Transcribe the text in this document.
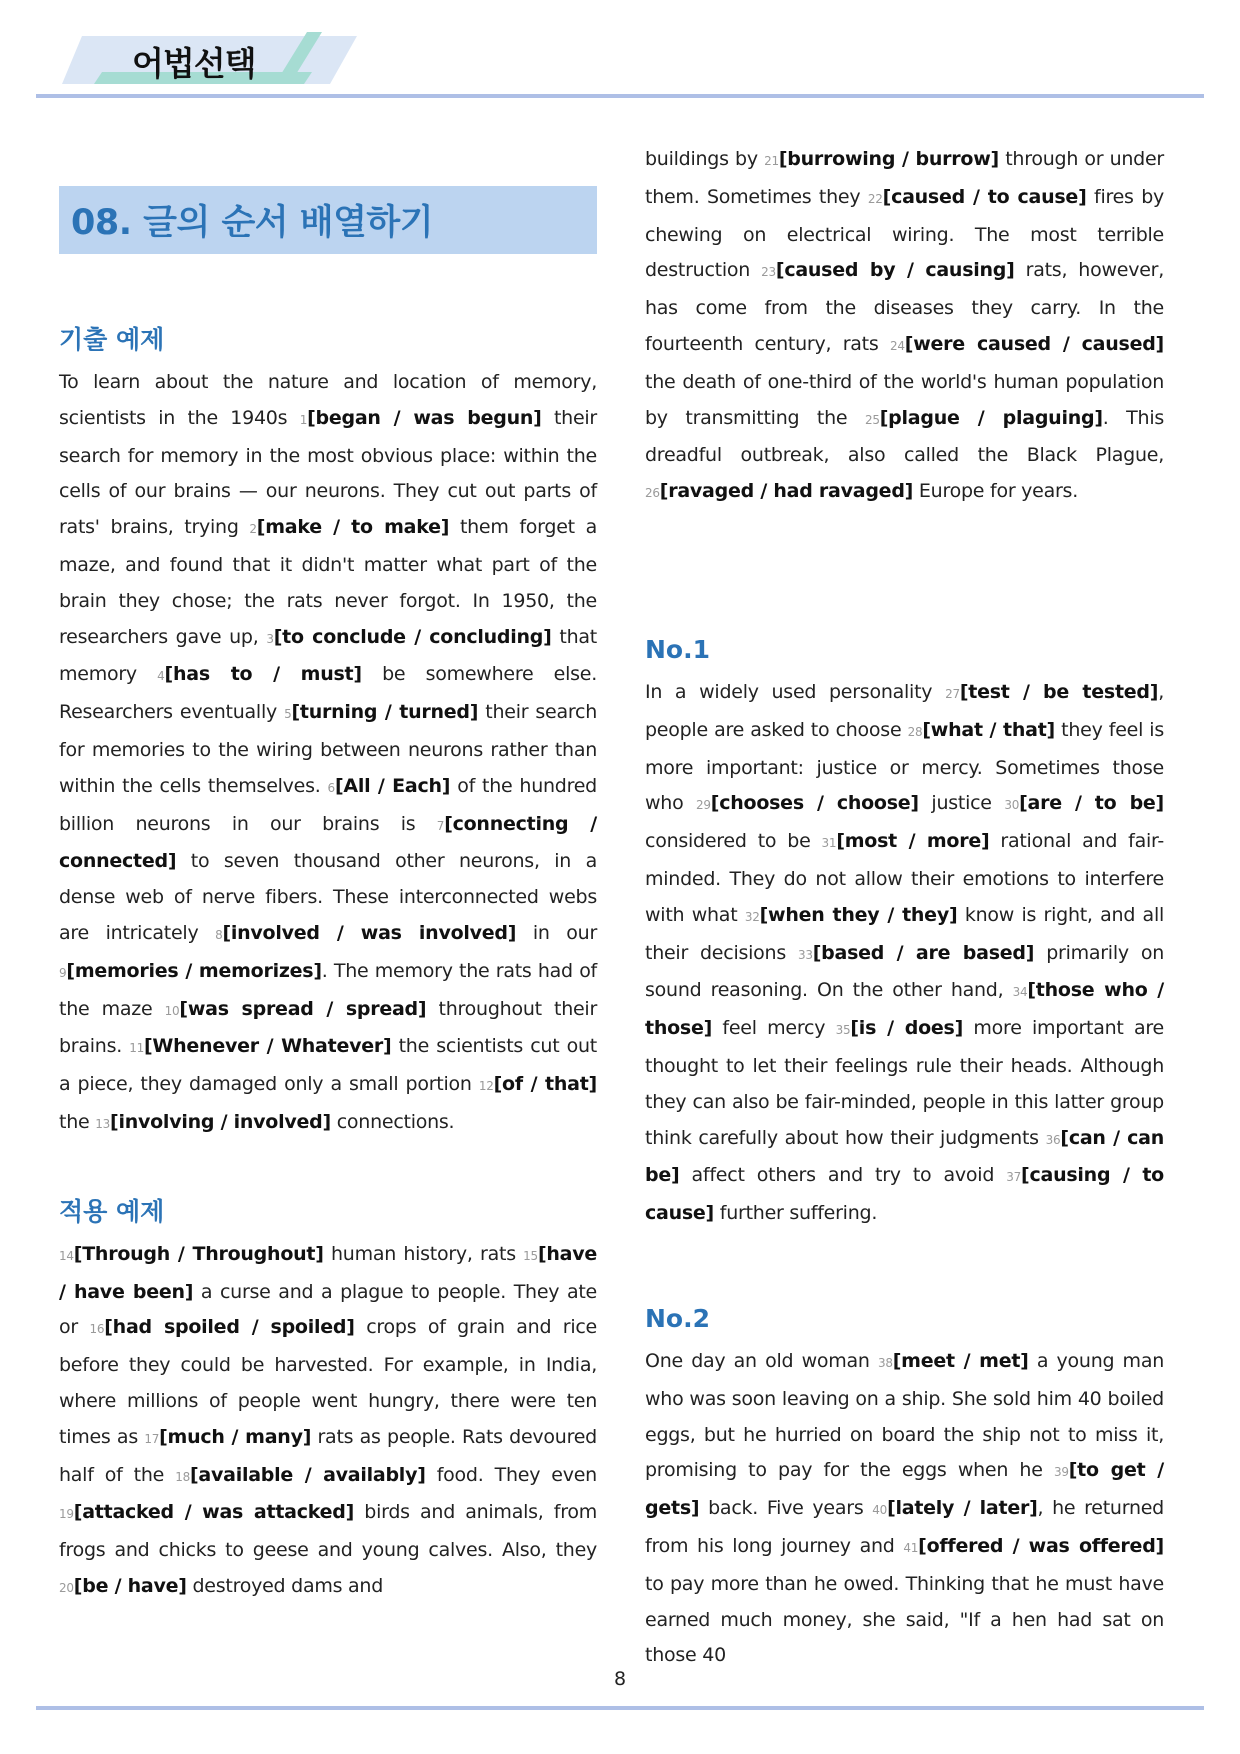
어법선택
08. 글의 순서 배열하기
기출 예제

To learn about the nature and location of memory, scientists in the 1940s 1[began / was begun] their search for memory in the most obvious place: within the cells of our brains — our neurons. They cut out parts of rats' brains, trying 2[make / to make] them forget a maze, and found that it didn't matter what part of the brain they chose; the rats never forgot. In 1950, the researchers gave up, 3[to conclude / concluding] that memory 4[has to / must] be somewhere else. Researchers eventually 5[turning / turned] their search for memories to the wiring between neurons rather than within the cells themselves. 6[All / Each] of the hundred billion neurons in our brains is 7[connecting / connected] to seven thousand other neurons, in a dense web of nerve fibers. These interconnected webs are intricately 8[involved / was involved] in our 9[memories / memorizes]. The memory the rats had of the maze 10[was spread / spread] throughout their brains. 11[Whenever / Whatever] the scientists cut out a piece, they damaged only a small portion 12[of / that] the 13[involving / involved] connections.

적용 예제

14[Through / Throughout] human history, rats 15[have / have been] a curse and a plague to people. They ate or 16[had spoiled / spoiled] crops of grain and rice before they could be harvested. For example, in India, where millions of people went hungry, there were ten times as 17[much / many] rats as people. Rats devoured half of the 18[available / availably] food. They even 19[attacked / was attacked] birds and animals, from frogs and chicks to geese and young calves. Also, they 20[be / have] destroyed dams and

buildings by 21[burrowing / burrow] through or under them. Sometimes they 22[caused / to cause] fires by chewing on electrical wiring. The most terrible destruction 23[caused by / causing] rats, however, has come from the diseases they carry. In the fourteenth century, rats 24[were caused / caused] the death of one-third of the world's human population by transmitting the 25[plague / plaguing]. This dreadful outbreak, also called the Black Plague, 26[ravaged / had ravaged] Europe for years.

No.1

In a widely used personality 27[test / be tested], people are asked to choose 28[what / that] they feel is more important: justice or mercy. Sometimes those who 29[chooses / choose] justice 30[are / to be] considered to be 31[most / more] rational and fair-minded. They do not allow their emotions to interfere with what 32[when they / they] know is right, and all their decisions 33[based / are based] primarily on sound reasoning. On the other hand, 34[those who / those] feel mercy 35[is / does] more important are thought to let their feelings rule their heads. Although they can also be fair-minded, people in this latter group think carefully about how their judgments 36[can / can be] affect others and try to avoid 37[causing / to cause] further suffering.

No.2

One day an old woman 38[meet / met] a young man who was soon leaving on a ship. She sold him 40 boiled eggs, but he hurried on board the ship not to miss it, promising to pay for the eggs when he 39[to get / gets] back. Five years 40[lately / later], he returned from his long journey and 41[offered / was offered] to pay more than he owed. Thinking that he must have earned much money, she said, "If a hen had sat on those 40

8
